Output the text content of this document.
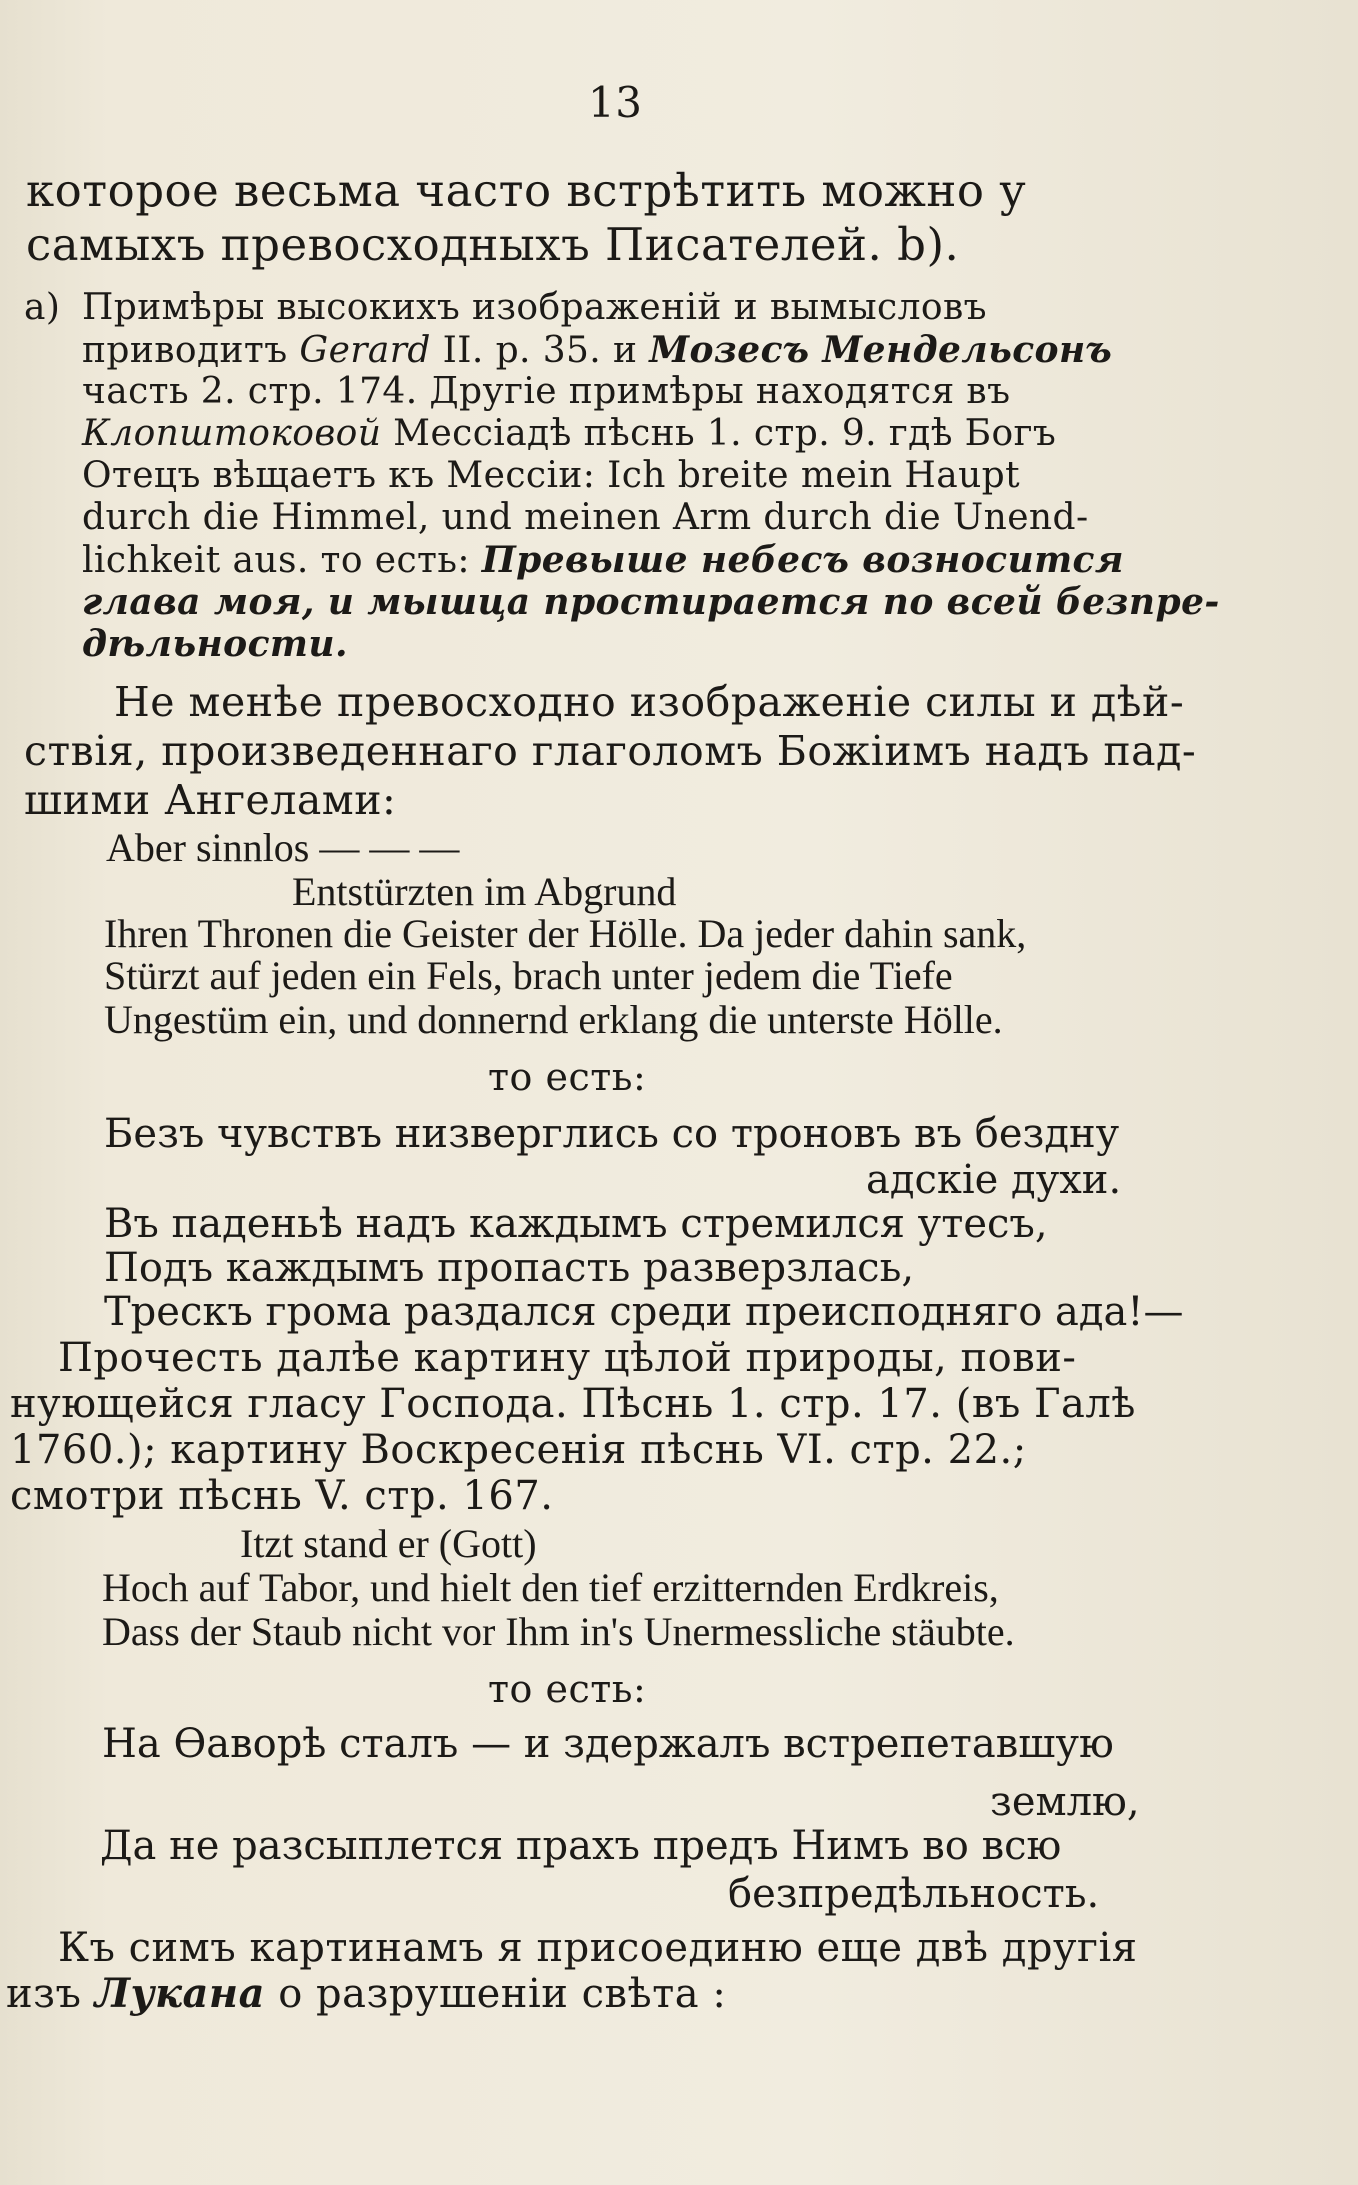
13
которое весьма часто встрѣтить можно у
самыхъ превосходныхъ Писателей. b).
a) Примѣры высокихъ изображеній и вымысловъ
приводитъ Gerard II. p. 35. и Мозесъ Мендельсонъ
часть 2. стр. 174. Другіе примѣры находятся въ
Клопштоковой Мессіадѣ пѣснь 1. стр. 9. гдѣ Богъ
Отецъ вѣщаетъ къ Мессіи: Ich breite mein Haupt
durch die Himmel, und meinen Arm durch die Unend-
lichkeit aus. то есть: Превыше небесъ возносится
глава моя, и мышца простирается по всей безпре-
дѣльности.
Не менѣе превосходно изображеніе силы и дѣй-
ствія, произведеннаго глаголомъ Божіимъ надъ пад-
шими Ангелами:
Aber sinnlos — — —
Entstürzten im Abgrund
Ihren Thronen die Geister der Hölle. Da jeder dahin sank,
Stürzt auf jeden ein Fels, brach unter jedem die Tiefe
Ungestüm ein, und donnernd erklang die unterste Hölle.
то есть:
Безъ чувствъ низверглись со троновъ въ бездну
адскіе духи.
Въ паденьѣ надъ каждымъ стремился утесъ,
Подъ каждымъ пропасть разверзлась,
Трескъ грома раздался среди преисподняго ада!—
Прочесть далѣе картину цѣлой природы, пови-
нующейся гласу Господа. Пѣснь 1. стр. 17. (въ Галѣ
1760.); картину Воскресенія пѣснь VI. стр. 22.;
смотри пѣснь V. стр. 167.
Itzt stand er (Gott)
Hoch auf Tabor, und hielt den tief erzitternden Erdkreis,
Dass der Staub nicht vor Ihm in's Unermessliche stäubte.
то есть:
На Ѳаворѣ сталъ — и здержалъ встрепетавшую
землю,
Да не разсыплется прахъ предъ Нимъ во всю
безпредѣльность.
Къ симъ картинамъ я присоединю еще двѣ другія
изъ Лукана о разрушеніи свѣта :
